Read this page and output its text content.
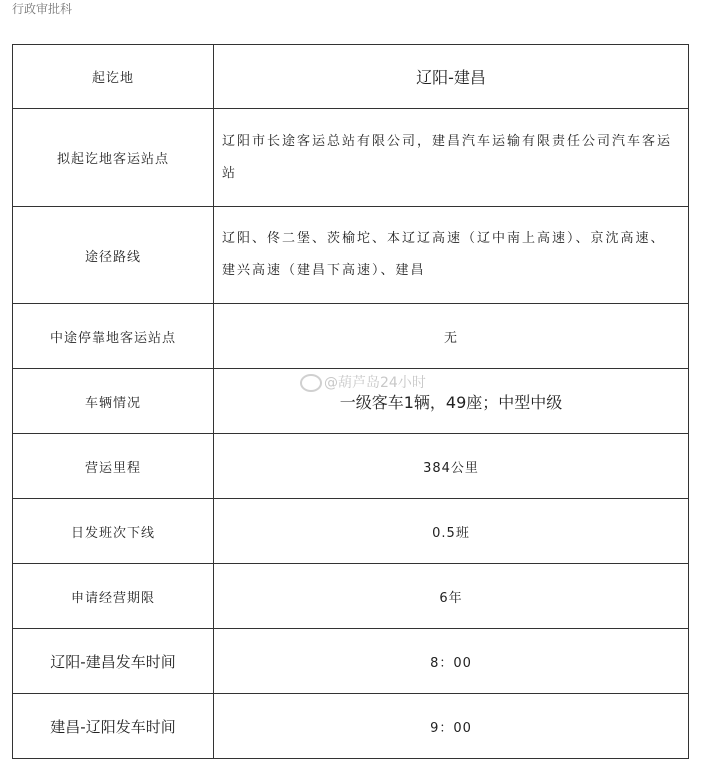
行政审批科
起讫地	辽阳-建昌
拟起讫地客运站点	辽阳市长途客运总站有限公司，建昌汽车运输有限责任公司汽车客运站
途径路线	辽阳、佟二堡、茨榆坨、本辽辽高速（辽中南上高速）、京沈高速、建兴高速（建昌下高速）、建昌
中途停靠地客运站点	无
车辆情况	一级客车1辆，49座；中型中级
营运里程	384公里
日发班次下线	0.5班
申请经营期限	6年
辽阳-建昌发车时间	8：00
建昌-辽阳发车时间	9：00
@葫芦岛24小时
